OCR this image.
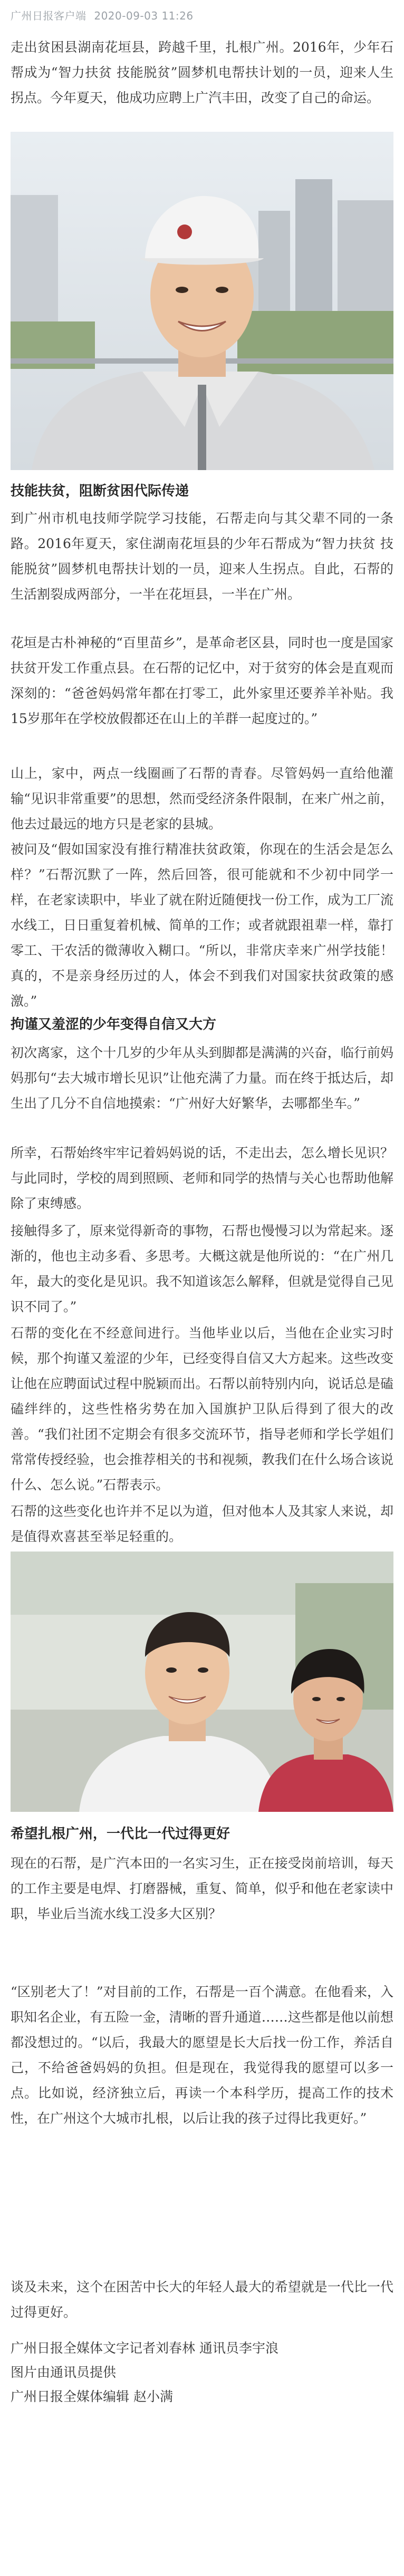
广州日报客户端 2020-09-03 11:26

走出贫困县湖南花垣县，跨越千里，扎根广州。2016年，少年石帮成为“智力扶贫 技能脱贫”圆梦机电帮扶计划的一员，迎来人生拐点。今年夏天，他成功应聘上广汽丰田，改变了自己的命运。

技能扶贫，阻断贫困代际传递

到广州市机电技师学院学习技能，石帮走向与其父辈不同的一条路。2016年夏天，家住湖南花垣县的少年石帮成为“智力扶贫 技能脱贫”圆梦机电帮扶计划的一员，迎来人生拐点。自此，石帮的生活割裂成两部分，一半在花垣县，一半在广州。

花垣是古朴神秘的“百里苗乡”，是革命老区县，同时也一度是国家扶贫开发工作重点县。在石帮的记忆中，对于贫穷的体会是直观而深刻的：“爸爸妈妈常年都在打零工，此外家里还要养羊补贴。我15岁那年在学校放假都还在山上的羊群一起度过的。”

山上，家中，两点一线圈画了石帮的青春。尽管妈妈一直给他灌输“见识非常重要”的思想，然而受经济条件限制，在来广州之前，他去过最远的地方只是老家的县城。

被问及“假如国家没有推行精准扶贫政策，你现在的生活会是怎么样？”石帮沉默了一阵，然后回答，很可能就和不少初中同学一样，在老家读职中，毕业了就在附近随便找一份工作，成为工厂流水线工，日日重复着机械、简单的工作；或者就跟祖辈一样，靠打零工、干农活的微薄收入糊口。“所以，非常庆幸来广州学技能！真的，不是亲身经历过的人，体会不到我们对国家扶贫政策的感激。”

拘谨又羞涩的少年变得自信又大方

初次离家，这个十几岁的少年从头到脚都是满满的兴奋，临行前妈妈那句“去大城市增长见识”让他充满了力量。而在终于抵达后，却生出了几分不自信地摸索：“广州好大好繁华，去哪都坐车。”

所幸，石帮始终牢牢记着妈妈说的话，不走出去，怎么增长见识？与此同时，学校的周到照顾、老师和同学的热情与关心也帮助他解除了束缚感。

接触得多了，原来觉得新奇的事物，石帮也慢慢习以为常起来。逐渐的，他也主动多看、多思考。大概这就是他所说的：“在广州几年，最大的变化是见识。我不知道该怎么解释，但就是觉得自己见识不同了。”

石帮的变化在不经意间进行。当他毕业以后，当他在企业实习时候，那个拘谨又羞涩的少年，已经变得自信又大方起来。这些改变让他在应聘面试过程中脱颖而出。石帮以前特别内向，说话总是磕磕绊绊的，这些性格劣势在加入国旗护卫队后得到了很大的改善。“我们社团不定期会有很多交流环节，指导老师和学长学姐们常常传授经验，也会推荐相关的书和视频，教我们在什么场合该说什么、怎么说。”石帮表示。

石帮的这些变化也许并不足以为道，但对他本人及其家人来说，却是值得欢喜甚至举足轻重的。

希望扎根广州，一代比一代过得更好

现在的石帮，是广汽本田的一名实习生，正在接受岗前培训，每天的工作主要是电焊、打磨器械，重复、简单，似乎和他在老家读中职，毕业后当流水线工没多大区别？

“区别老大了！”对目前的工作，石帮是一百个满意。在他看来，入职知名企业，有五险一金，清晰的晋升通道……这些都是他以前想都没想过的。“以后，我最大的愿望是长大后找一份工作，养活自己，不给爸爸妈妈的负担。但是现在，我觉得我的愿望可以多一点。比如说，经济独立后，再读一个本科学历，提高工作的技术性，在广州这个大城市扎根，以后让我的孩子过得比我更好。”

谈及未来，这个在困苦中长大的年轻人最大的希望就是一代比一代过得更好。

广州日报全媒体文字记者刘春林 通讯员李宇浪
图片由通讯员提供
广州日报全媒体编辑 赵小满
